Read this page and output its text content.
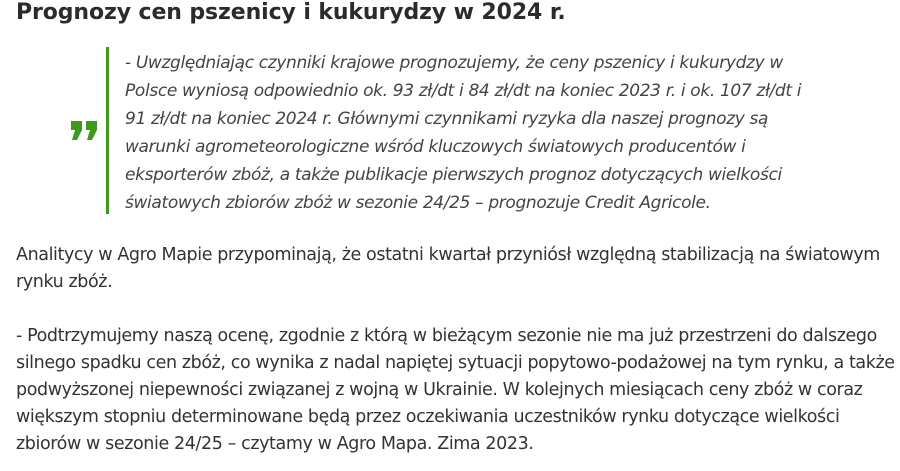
Prognozy cen pszenicy i kukurydzy w 2024 r.

- Uwzględniając czynniki krajowe prognozujemy, że ceny pszenicy i kukurydzy w Polsce wyniosą odpowiednio ok. 93 zł/dt i 84 zł/dt na koniec 2023 r. i ok. 107 zł/dt i 91 zł/dt na koniec 2024 r. Głównymi czynnikami ryzyka dla naszej prognozy są warunki agrometeorologiczne wśród kluczowych światowych producentów i eksporterów zbóż, a także publikacje pierwszych prognoz dotyczących wielkości światowych zbiorów zbóż w sezonie 24/25 – prognozuje Credit Agricole.

Analitycy w Agro Mapie przypominają, że ostatni kwartał przyniósł względną stabilizacją na światowym rynku zbóż.

- Podtrzymujemy naszą ocenę, zgodnie z którą w bieżącym sezonie nie ma już przestrzeni do dalszego silnego spadku cen zbóż, co wynika z nadal napiętej sytuacji popytowo-podażowej na tym rynku, a także podwyższonej niepewności związanej z wojną w Ukrainie. W kolejnych miesiącach ceny zbóż w coraz większym stopniu determinowane będą przez oczekiwania uczestników rynku dotyczące wielkości zbiorów w sezonie 24/25 – czytamy w Agro Mapa. Zima 2023.
